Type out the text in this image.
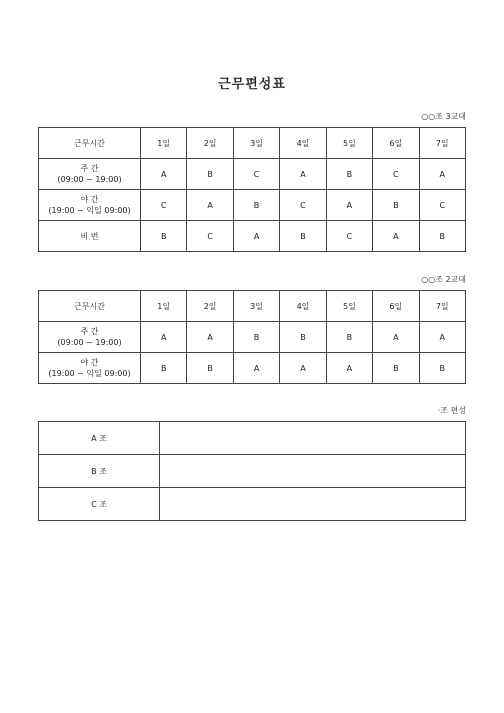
근무편성표
○○조 3교대
근무시간	1일	2일	3일	4일	5일	6일	7일

주 간
(09:00 ~ 19:00)	A	B	C	A	B	C	A

야 간
(19:00 ~ 익일 09:00)	C	A	B	C	A	B	C
비 번	B	C	A	B	C	A	B
○○조 2교대
근무시간	1일	2일	3일	4일	5일	6일	7일

주 간
(09:00 ~ 19:00)	A	A	B	B	B	A	A

야 간
(19:00 ~ 익일 09:00)	B	B	A	A	A	B	B
·조 편성
A 조	
B 조	
C 조	
